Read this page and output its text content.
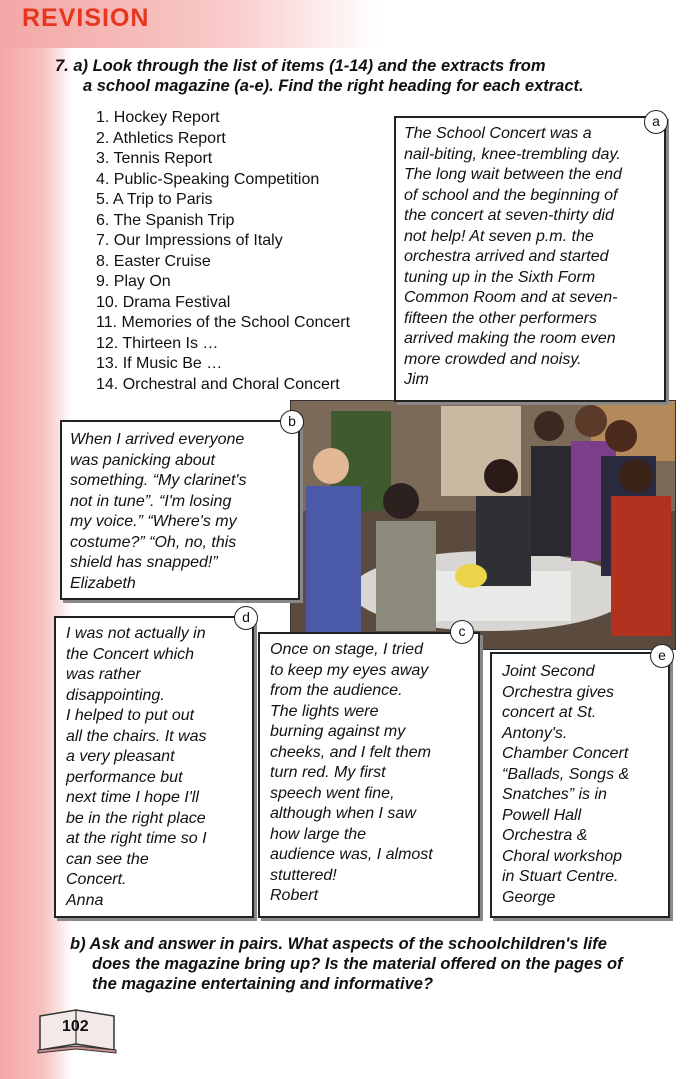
REVISION
7. a) Look through the list of items (1-14) and the extracts from
a school magazine (a-e). Find the right heading for each extract.
1. Hockey Report
2. Athletics Report
3. Tennis Report
4. Public-Speaking Competition
5. A Trip to Paris
6. The Spanish Trip
7. Our Impressions of Italy
8. Easter Cruise
9. Play On
10. Drama Festival
11. Memories of the School Concert
12. Thirteen Is …
13. If Music Be …
14. Orchestral and Choral Concert
a
The School Concert was a
nail-biting, knee-trembling day.
The long wait between the end
of school and the beginning of
the concert at seven-thirty did
not help! At seven p.m. the
orchestra arrived and started
tuning up in the Sixth Form
Common Room and at seven-
fifteen the other performers
arrived making the room even
more crowded and noisy.
Jim
b
When I arrived everyone
was panicking about
something. “My clarinet's
not in tune”. “I'm losing
my voice.” “Where's my
costume?” “Oh, no, this
shield has snapped!”
Elizabeth
d
I was not actually in
the Concert which
was rather
disappointing.
I helped to put out
all the chairs. It was
a very pleasant
performance but
next time I hope I'll
be in the right place
at the right time so I
can see the
Concert.
Anna
c
Once on stage, I tried
to keep my eyes away
from the audience.
The lights were
burning against my
cheeks, and I felt them
turn red. My first
speech went fine,
although when I saw
how large the
audience was, I almost
stuttered!
Robert
e
Joint Second
Orchestra gives
concert at St.
Antony's.
Chamber Concert
“Ballads, Songs &
Snatches” is in
Powell Hall
Orchestra &
Choral workshop
in Stuart Centre.
George
b) Ask and answer in pairs. What aspects of the schoolchildren's life
does the magazine bring up? Is the material offered on the pages of
the magazine entertaining and informative?
102
